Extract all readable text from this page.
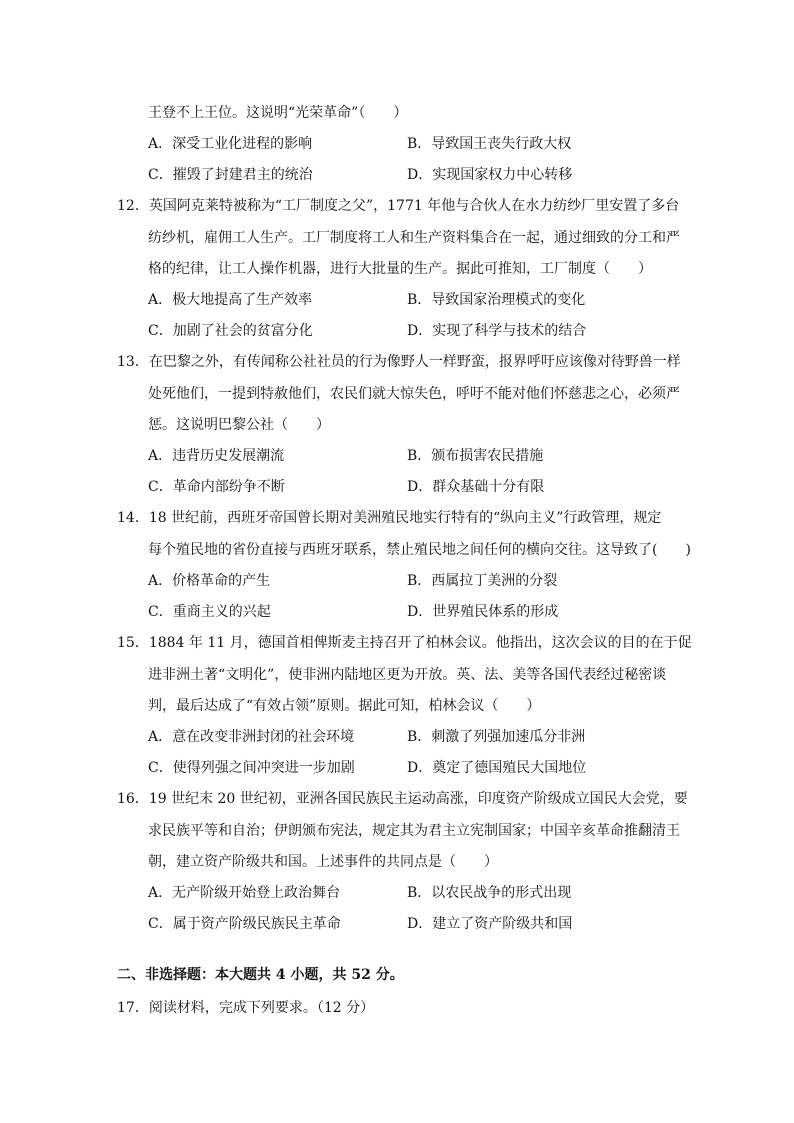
王登不上王位。这说明“光荣革命”（　　）
A．深受工业化进程的影响	B．导致国王丧失行政大权
C．摧毁了封建君主的统治	D．实现国家权力中心转移
12．英国阿克莱特被称为“工厂制度之父”，1771 年他与合伙人在水力纺纱厂里安置了多台
纺纱机，雇佣工人生产。工厂制度将工人和生产资料集合在一起，通过细致的分工和严
格的纪律，让工人操作机器，进行大批量的生产。据此可推知，工厂制度（　　）
A．极大地提高了生产效率	B．导致国家治理模式的变化
C．加剧了社会的贫富分化	D．实现了科学与技术的结合
13．在巴黎之外，有传闻称公社社员的行为像野人一样野蛮，报界呼吁应该像对待野兽一样
处死他们，一提到特赦他们，农民们就大惊失色，呼吁不能对他们怀慈悲之心，必须严
惩。这说明巴黎公社（　　）
A．违背历史发展潮流	B．颁布损害农民措施
C．革命内部纷争不断	D．群众基础十分有限
14．18 世纪前，西班牙帝国曾长期对美洲殖民地实行特有的“纵向主义”行政管理，规定
每个殖民地的省份直接与西班牙联系，禁止殖民地之间任何的横向交往。这导致了(　　)
A．价格革命的产生	B．西属拉丁美洲的分裂
C．重商主义的兴起	D．世界殖民体系的形成
15．1884 年 11 月，德国首相俾斯麦主持召开了柏林会议。他指出，这次会议的目的在于促
进非洲土著“文明化”，使非洲内陆地区更为开放。英、法、美等各国代表经过秘密谈
判，最后达成了“有效占领”原则。据此可知，柏林会议（　　）
A．意在改变非洲封闭的社会环境	B．刺激了列强加速瓜分非洲
C．使得列强之间冲突进一步加剧	D．奠定了德国殖民大国地位
16．19 世纪末 20 世纪初，亚洲各国民族民主运动高涨，印度资产阶级成立国民大会党，要
求民族平等和自治；伊朗颁布宪法，规定其为君主立宪制国家；中国辛亥革命推翻清王
朝，建立资产阶级共和国。上述事件的共同点是（　　）
A．无产阶级开始登上政治舞台	B．以农民战争的形式出现
C．属于资产阶级民族民主革命	D．建立了资产阶级共和国
二、非选择题：本大题共 4 小题，共 52 分。
17．阅读材料，完成下列要求。（12 分）
